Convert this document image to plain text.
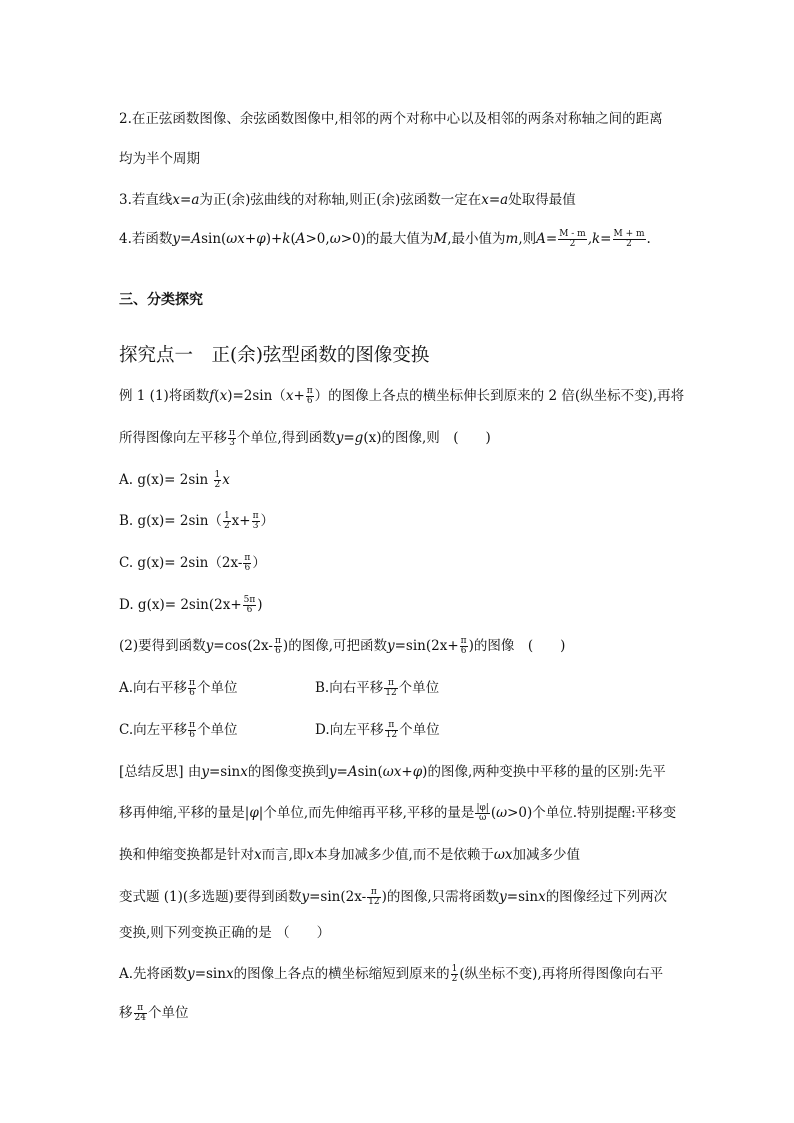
2.在正弦函数图像、余弦函数图像中,相邻的两个对称中心以及相邻的两条对称轴之间的距离
均为半个周期
3.若直线x=a为正(余)弦曲线的对称轴,则正(余)弦函数一定在x=a处取得最值
4.若函数y=Asin(ωx+φ)+k(A>0,ω>0)的最大值为M,最小值为m,则$A= \frac{M - m}{2} ,k= \frac{M + m}{2}$ .
三、分类探究
探究点一　正(余)弦型函数的图像变换
例 1 (1)将函数$f(x)=2\sin(x+ \frac{\pi}{6}$ ）的图像上各点的横坐标伸长到原来的 2 倍(纵坐标不变),再将
所得图像向左平移 $\frac{\pi}{3}$ 个单位,得到函数y=g(x)的图像,则　(　　)
A. $g(x)= 2\sin \frac{1}{2}$ x
B. $g(x)= 2\sin( \frac{1}{2} x+ \frac{\pi}{3}$ ）
C. $g(x)= 2\sin(2x- \frac{\pi}{6}$ ）
D. $g(x)= 2\sin(2x+ \frac{5\pi}{6}$ )
(2)要得到函数$y=\cos(2x- \frac{\pi}{6}$ )的图像,可把函数$y=\sin(2x+ \frac{\pi}{6}$ )的图像　(　　)
A.向右平移 $\frac{\pi}{6}$ 个单位	B.向右平移 $\frac{\pi}{12}$ 个单位
C.向左平移 $\frac{\pi}{6}$ 个单位	D.向左平移 $\frac{\pi}{12}$ 个单位
[总结反思] 由y=sinx的图像变换到y=Asin(ωx+φ)的图像,两种变换中平移的量的区别:先平
移再伸缩,平移的量是|φ|个单位,而先伸缩再平移,平移的量是 $\frac{|\varphi|}{\omega} (\omega>0)$个单位.特别提醒:平移变
换和伸缩变换都是针对x而言,即x本身加减多少值,而不是依赖于ωx加减多少值
变式题 (1)(多选题)要得到函数$y=\sin(2x- \frac{\pi}{12}$ )的图像,只需将函数y=sinx的图像经过下列两次
变换,则下列变换正确的是 （　　）
A.先将函数y=sinx的图像上各点的横坐标缩短到原来的 $\frac{1}{2}$ (纵坐标不变),再将所得图像向右平
移 $\frac{\pi}{24}$ 个单位
